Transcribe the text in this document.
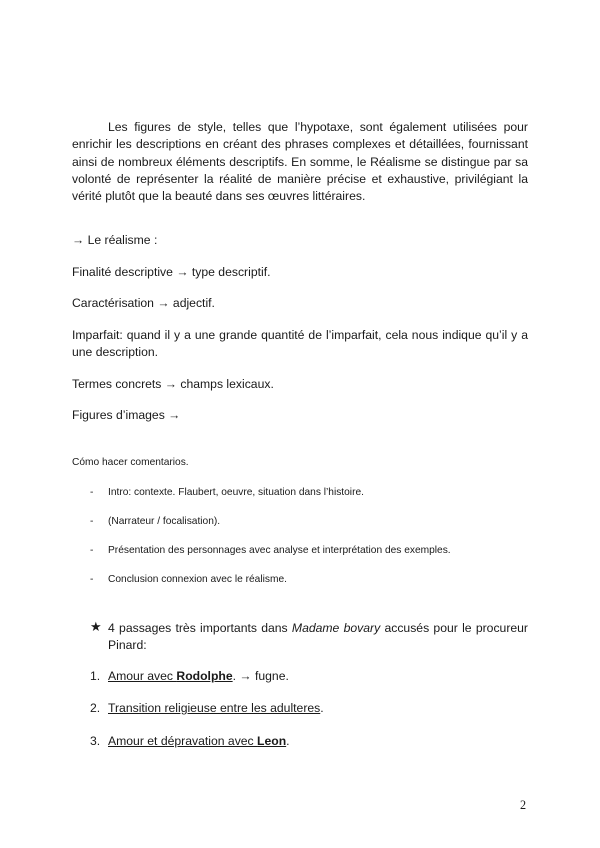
Les figures de style, telles que l’hypotaxe, sont également utilisées pour enrichir les descriptions en créant des phrases complexes et détaillées, fournissant ainsi de nombreux éléments descriptifs. En somme, le Réalisme se distingue par sa volonté de représenter la réalité de manière précise et exhaustive, privilégiant la vérité plutôt que la beauté dans ses œuvres littéraires.
→ Le réalisme :
Finalité descriptive → type descriptif.
Caractérisation → adjectif.
Imparfait: quand il y a une grande quantité de l’imparfait, cela nous indique qu’il y a
une description.
Termes concrets → champs lexicaux.
Figures d’images →
Cómo hacer comentarios.
- Intro: contexte. Flaubert, oeuvre, situation dans l’histoire.
- (Narrateur / focalisation).
- Présentation des personnages avec analyse et interprétation des exemples.
- Conclusion connexion avec le réalisme.
★ 4 passages très importants dans Madame bovary accusés pour le procureur
Pinard:
1. Amour avec Rodolphe. → fugne.
2. Transition religieuse entre les adulteres.
3. Amour et dépravation avec Leon.
2
